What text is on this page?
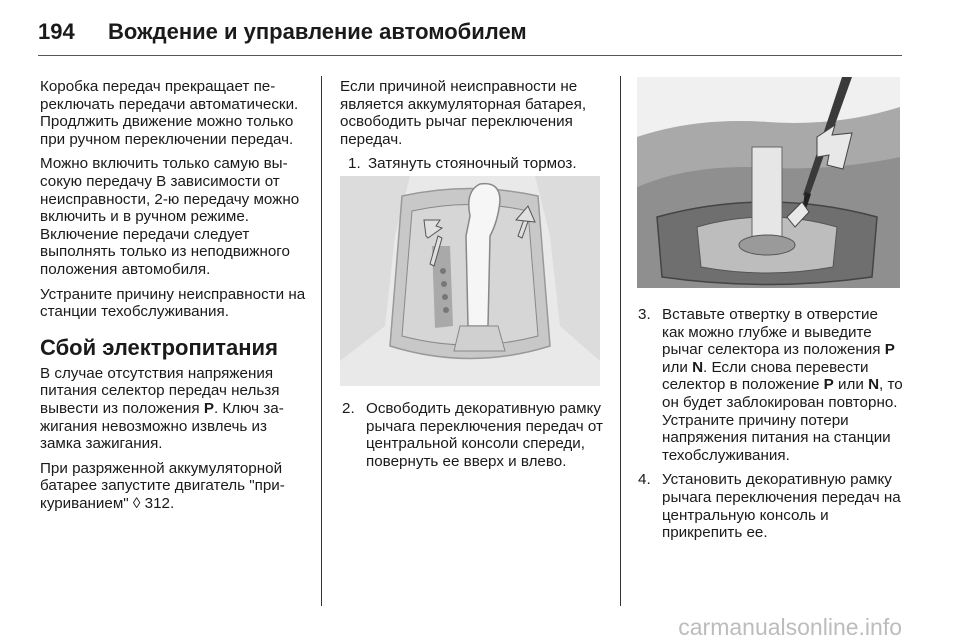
194	Вождение и управление автомобилем

Коробка передач прекращает переключать передачи автоматически. Продлжить движение можно только при ручном переключении передач.

Можно включить только самую высокую передачу В зависимости от неисправности, 2-ю передачу можно включить и в ручном режиме. Включение передачи следует выполнять только из неподвижного положения автомобиля.

Устраните причину неисправности на станции техобслуживания.

Сбой электропитания

В случае отсутствия напряжения питания селектор передач нельзя вывести из положения P. Ключ зажигания невозможно извлечь из замка зажигания.

При разряженной аккумуляторной батарее запустите двигатель "прикуриванием" ◊ 312.

Если причиной неисправности не является аккумуляторная батарея, освободить рычаг переключения передач.

1. Затянуть стояночный тормоз.
2. Освободить декоративную рамку рычага переключения передач от центральной консоли спереди, повернуть ее вверх и влево.
3. Вставьте отвертку в отверстие как можно глубже и выведите рычаг селектора из положения P или N. Если снова перевести селектор в положение P или N, то он будет заблокирован повторно. Устраните причину потери напряжения питания на станции техобслуживания.
4. Установить декоративную рамку рычага переключения передач на центральную консоль и прикрепить ее.
carmanualsonline.info
